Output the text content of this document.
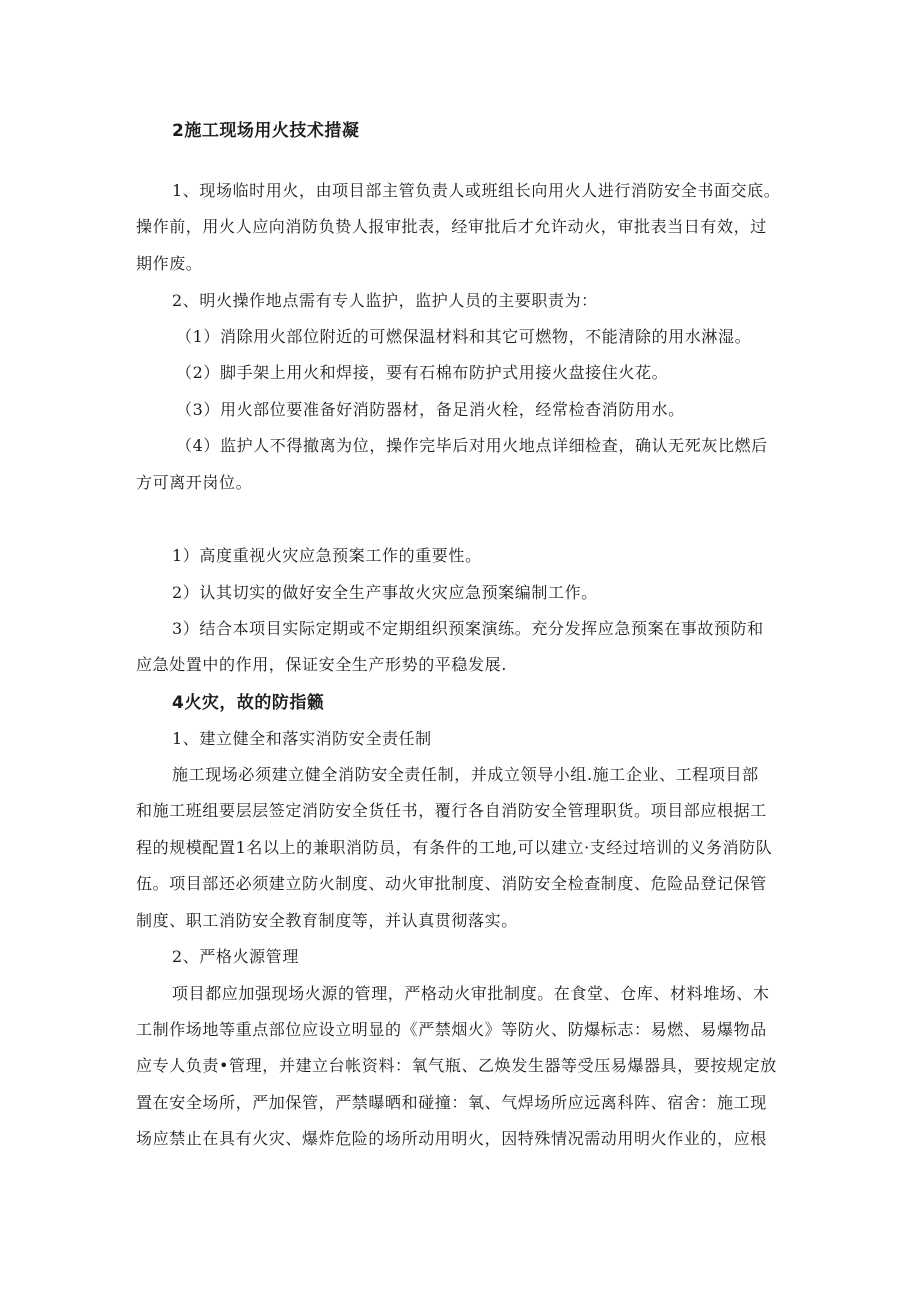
2施工现场用火技术措凝
1、现场临时用火，由项目部主管负责人或班组长向用火人进行消防安全书面交底。
操作前，用火人应向消防负贽人报审批表，经审批后才允许动火，审批表当日有效，过
期作废。
2、明火操作地点需有专人监护，监护人员的主要职责为：
（1）消除用火部位附近的可燃保温材料和其它可燃物，不能清除的用水淋湿。
（2）脚手架上用火和焊接，要有石棉布防护式用接火盘接住火花。
（3）用火部位要准备好消防器材，备足消火栓，经常检杳消防用水。
（4）监护人不得撤离为位，操作完毕后对用火地点详细检查，确认无死灰比燃后
方可离开岗位。
1）高度重视火灾应急预案工作的重要性。
2）认其切实的做好安全生产事故火灾应急预案编制工作。
3）结合本项目实际定期或不定期组织预案演练。充分发挥应急预案在事故预防和
应急处置中的作用，保证安全生产形势的平稳发展.
4火灾，故的防指籁
1、建立健全和落实消防安全责任制
施工现场必须建立健全消防安全责任制，并成立领导小组.施工企业、工程项目部
和施工班组要层层签定消防安全货任书，覆行各自消防安全管理职货。项目部应根据工
程的规模配置1名以上的兼职消防员，有条件的工地,可以建立·支经过培训的义务消防队
伍。项目部还必须建立防火制度、动火审批制度、消防安全检查制度、危险品登记保管
制度、职工消防安全教育制度等，并认真贯彻落实。
2、严格火源管理
项目都应加强现场火源的管理，严格动火审批制度。在食堂、仓库、材料堆场、木
工制作场地等重点部位应设立明显的《严禁烟火》等防火、防爆标志：易燃、易爆物品
应专人负责•管理，并建立台帐资料：氧气瓶、乙焕发生器等受压易爆器具，要按规定放
置在安全场所，严加保管，严禁曝晒和碰撞：氧、气焊场所应远离科阵、宿舍：施工现
场应禁止在具有火灾、爆炸危险的场所动用明火，因特殊情况需动用明火作业的，应根
